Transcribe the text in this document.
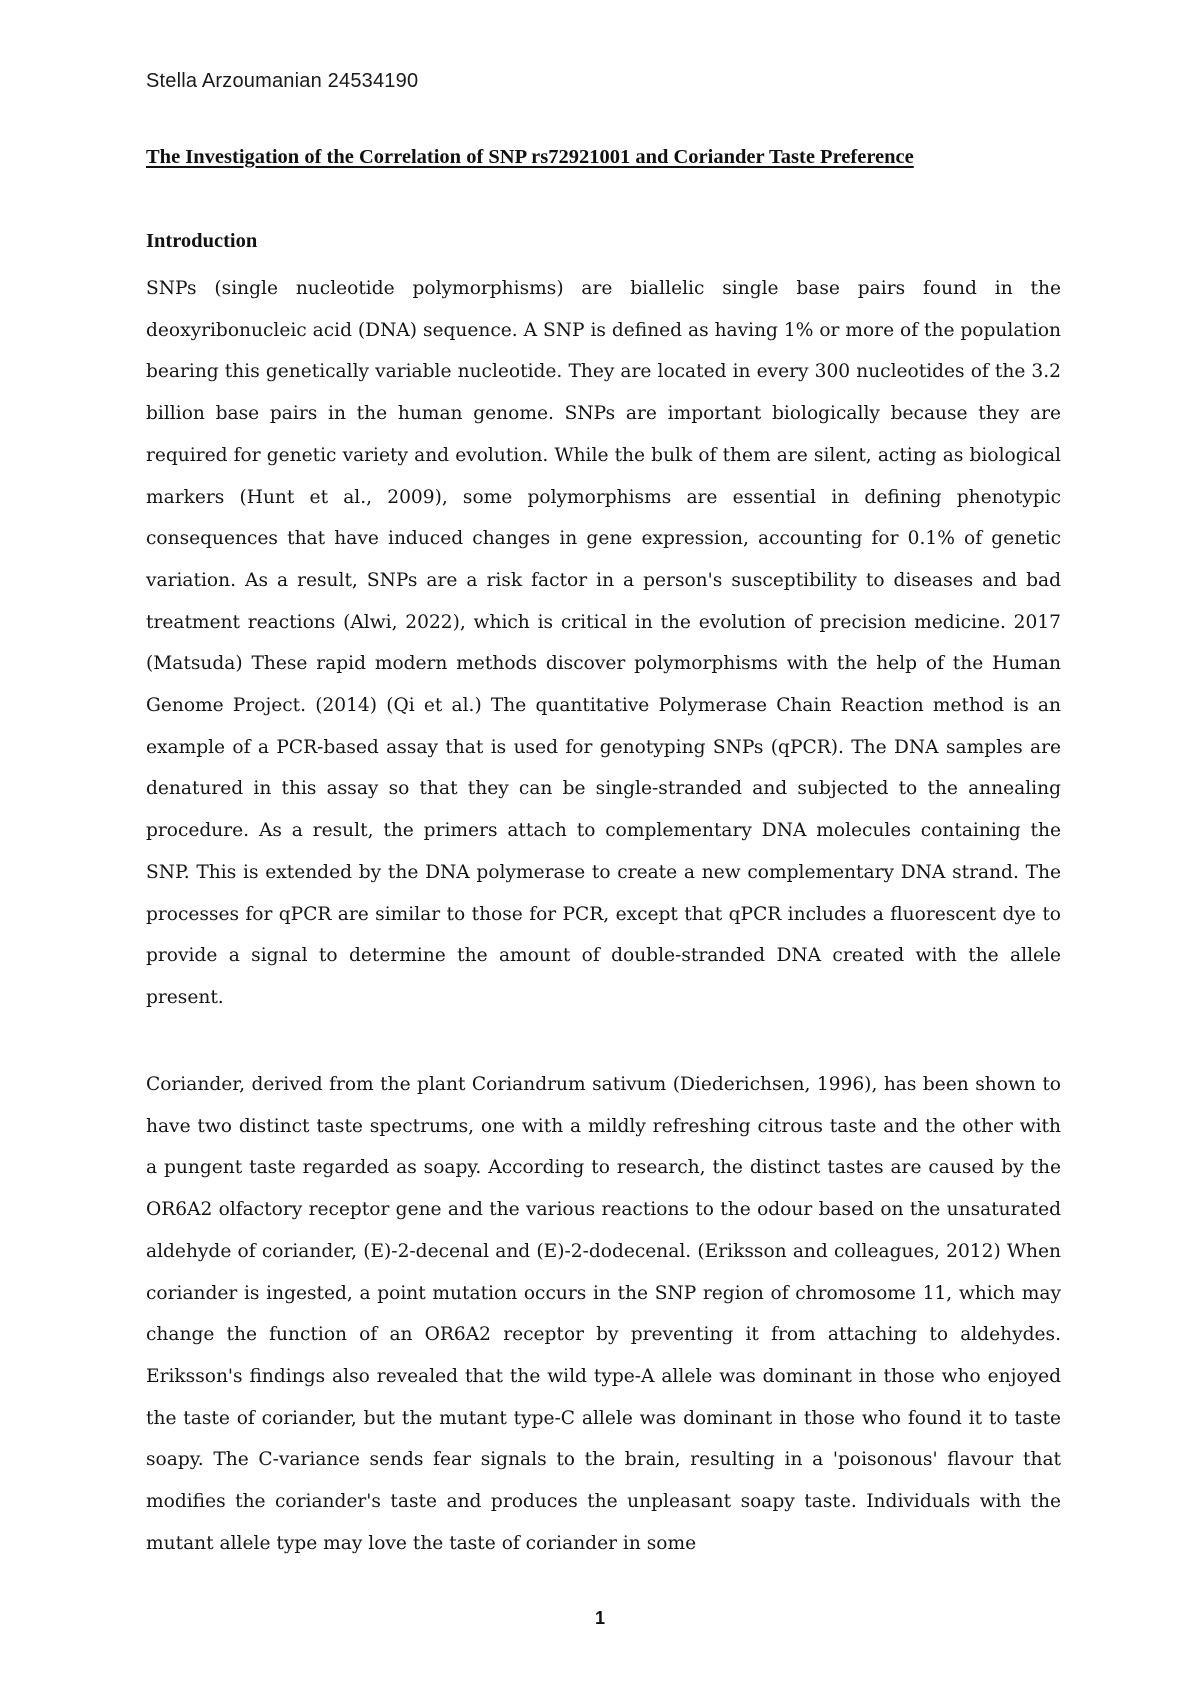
Stella Arzoumanian 24534190
The Investigation of the Correlation of SNP rs72921001 and Coriander Taste Preference
Introduction

SNPs (single nucleotide polymorphisms) are biallelic single base pairs found in the deoxyribonucleic acid (DNA) sequence. A SNP is defined as having 1% or more of the population bearing this genetically variable nucleotide. They are located in every 300 nucleotides of the 3.2 billion base pairs in the human genome. SNPs are important biologically because they are required for genetic variety and evolution. While the bulk of them are silent, acting as biological markers (Hunt et al., 2009), some polymorphisms are essential in defining phenotypic consequences that have induced changes in gene expression, accounting for 0.1% of genetic variation. As a result, SNPs are a risk factor in a person's susceptibility to diseases and bad treatment reactions (Alwi, 2022), which is critical in the evolution of precision medicine. 2017 (Matsuda) These rapid modern methods discover polymorphisms with the help of the Human Genome Project. (2014) (Qi et al.) The quantitative Polymerase Chain Reaction method is an example of a PCR-based assay that is used for genotyping SNPs (qPCR). The DNA samples are denatured in this assay so that they can be single-stranded and subjected to the annealing procedure. As a result, the primers attach to complementary DNA molecules containing the SNP. This is extended by the DNA polymerase to create a new complementary DNA strand. The processes for qPCR are similar to those for PCR, except that qPCR includes a fluorescent dye to provide a signal to determine the amount of double-stranded DNA created with the allele present.

Coriander, derived from the plant Coriandrum sativum (Diederichsen, 1996), has been shown to have two distinct taste spectrums, one with a mildly refreshing citrous taste and the other with a pungent taste regarded as soapy. According to research, the distinct tastes are caused by the OR6A2 olfactory receptor gene and the various reactions to the odour based on the unsaturated aldehyde of coriander, (E)-2-decenal and (E)-2-dodecenal. (Eriksson and colleagues, 2012) When coriander is ingested, a point mutation occurs in the SNP region of chromosome 11, which may change the function of an OR6A2 receptor by preventing it from attaching to aldehydes. Eriksson's findings also revealed that the wild type-A allele was dominant in those who enjoyed the taste of coriander, but the mutant type-C allele was dominant in those who found it to taste soapy. The C-variance sends fear signals to the brain, resulting in a 'poisonous' flavour that modifies the coriander's taste and produces the unpleasant soapy taste. Individuals with the mutant allele type may love the taste of coriander in some

1
